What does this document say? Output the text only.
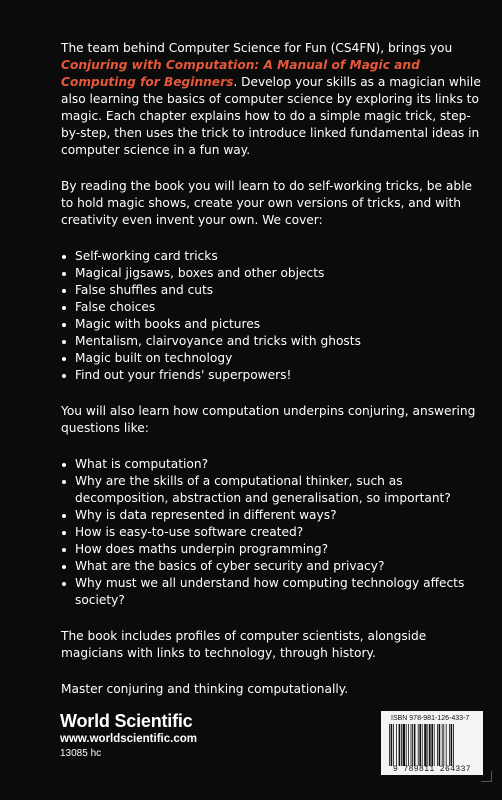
The team behind Computer Science for Fun (CS4FN), brings you Conjuring with Computation: A Manual of Magic and Computing for Beginners. Develop your skills as a magician while also learning the basics of computer science by exploring its links to magic. Each chapter explains how to do a simple magic trick, step-by-step, then uses the trick to introduce linked fundamental ideas in computer science in a fun way.

By reading the book you will learn to do self-working tricks, be able to hold magic shows, create your own versions of tricks, and with creativity even invent your own. We cover:

Self-working card tricks
Magical jigsaws, boxes and other objects
False shuffles and cuts
False choices
Magic with books and pictures
Mentalism, clairvoyance and tricks with ghosts
Magic built on technology
Find out your friends' superpowers!

You will also learn how computation underpins conjuring, answering questions like:

What is computation?
Why are the skills of a computational thinker, such as decomposition, abstraction and generalisation, so important?
Why is data represented in different ways?
How is easy-to-use software created?
How does maths underpin programming?
What are the basics of cyber security and privacy?
Why must we all understand how computing technology affects society?

The book includes profiles of computer scientists, alongside magicians with links to technology, through history.

Master conjuring and thinking computationally.

World Scientific
www.worldscientific.com
13085 hc
ISBN 978-981-126-433-7
9 789811 264337
